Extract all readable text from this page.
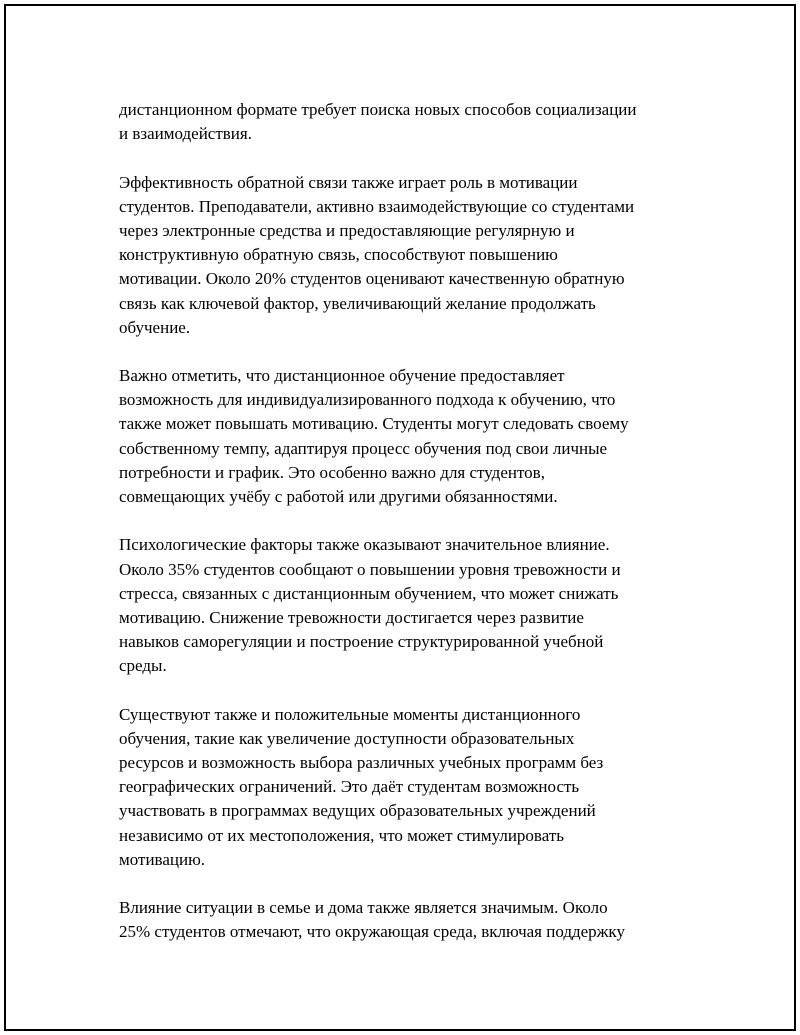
дистанционном формате требует поиска новых способов социализации
и взаимодействия.

Эффективность обратной связи также играет роль в мотивации
студентов. Преподаватели, активно взаимодействующие со студентами
через электронные средства и предоставляющие регулярную и
конструктивную обратную связь, способствуют повышению
мотивации. Около 20% студентов оценивают качественную обратную
связь как ключевой фактор, увеличивающий желание продолжать
обучение.

Важно отметить, что дистанционное обучение предоставляет
возможность для индивидуализированного подхода к обучению, что
также может повышать мотивацию. Студенты могут следовать своему
собственному темпу, адаптируя процесс обучения под свои личные
потребности и график. Это особенно важно для студентов,
совмещающих учёбу с работой или другими обязанностями.

Психологические факторы также оказывают значительное влияние.
Около 35% студентов сообщают о повышении уровня тревожности и
стресса, связанных с дистанционным обучением, что может снижать
мотивацию. Снижение тревожности достигается через развитие
навыков саморегуляции и построение структурированной учебной
среды.

Существуют также и положительные моменты дистанционного
обучения, такие как увеличение доступности образовательных
ресурсов и возможность выбора различных учебных программ без
географических ограничений. Это даёт студентам возможность
участвовать в программах ведущих образовательных учреждений
независимо от их местоположения, что может стимулировать
мотивацию.

Влияние ситуации в семье и дома также является значимым. Около
25% студентов отмечают, что окружающая среда, включая поддержку
